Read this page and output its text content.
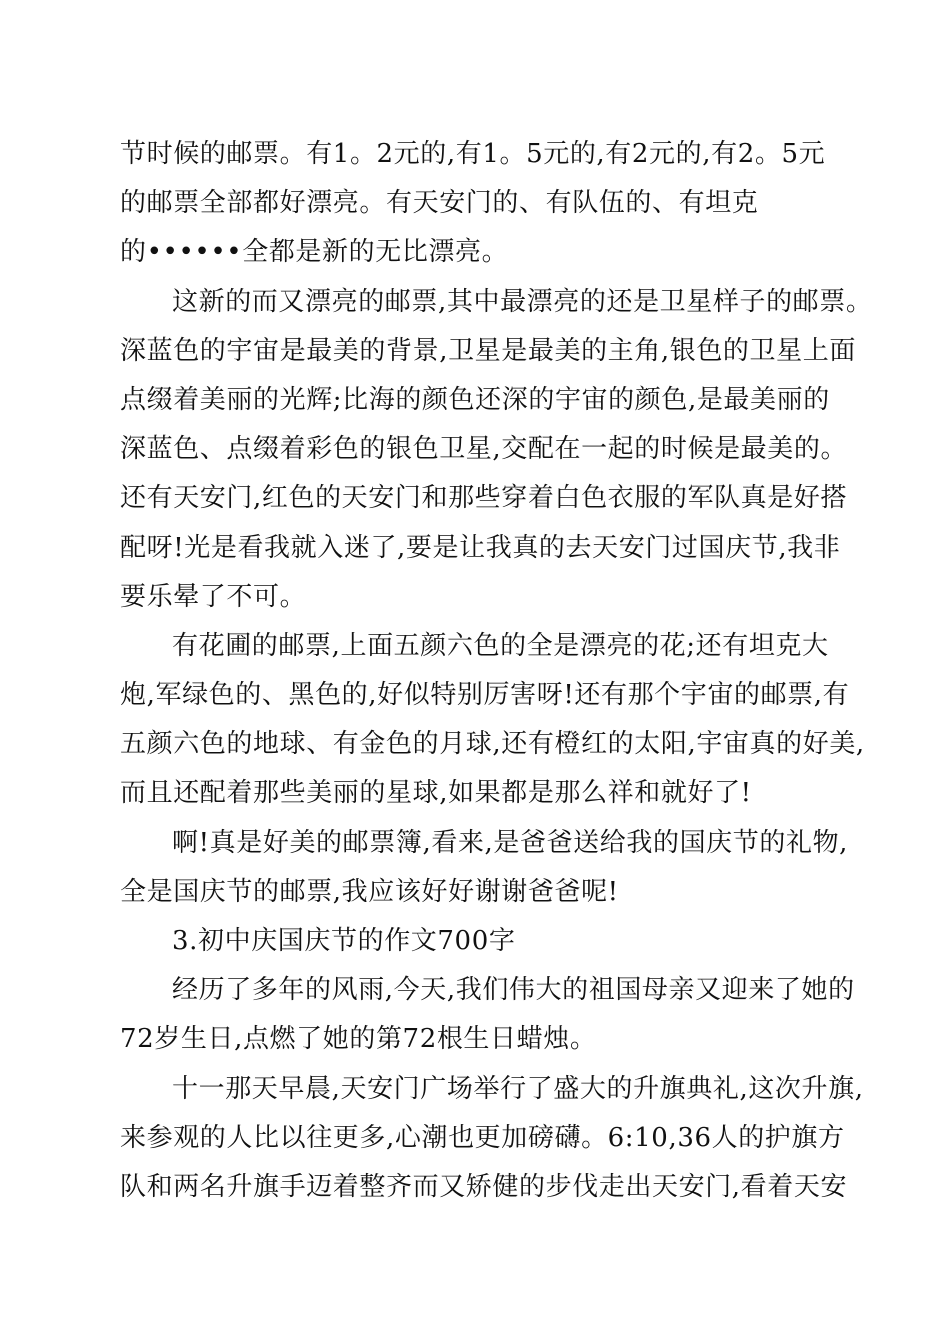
节时候的邮票。有1。2元的,有1。5元的,有2元的,有2。5元
的邮票全部都好漂亮。有天安门的、有队伍的、有坦克
的••••••全都是新的无比漂亮。
这新的而又漂亮的邮票,其中最漂亮的还是卫星样子的邮票。
深蓝色的宇宙是最美的背景,卫星是最美的主角,银色的卫星上面
点缀着美丽的光辉;比海的颜色还深的宇宙的颜色,是最美丽的
深蓝色、点缀着彩色的银色卫星,交配在一起的时候是最美的。
还有天安门,红色的天安门和那些穿着白色衣服的军队真是好搭
配呀!光是看我就入迷了,要是让我真的去天安门过国庆节,我非
要乐晕了不可。
有花圃的邮票,上面五颜六色的全是漂亮的花;还有坦克大
炮,军绿色的、黑色的,好似特别厉害呀!还有那个宇宙的邮票,有
五颜六色的地球、有金色的月球,还有橙红的太阳,宇宙真的好美,
而且还配着那些美丽的星球,如果都是那么祥和就好了!
啊!真是好美的邮票簿,看来,是爸爸送给我的国庆节的礼物,
全是国庆节的邮票,我应该好好谢谢爸爸呢!
3.初中庆国庆节的作文700字
经历了多年的风雨,今天,我们伟大的祖国母亲又迎来了她的
72岁生日,点燃了她的第72根生日蜡烛。
十一那天早晨,天安门广场举行了盛大的升旗典礼,这次升旗,
来参观的人比以往更多,心潮也更加磅礴。6:10,36人的护旗方
队和两名升旗手迈着整齐而又矫健的步伐走出天安门,看着天安
